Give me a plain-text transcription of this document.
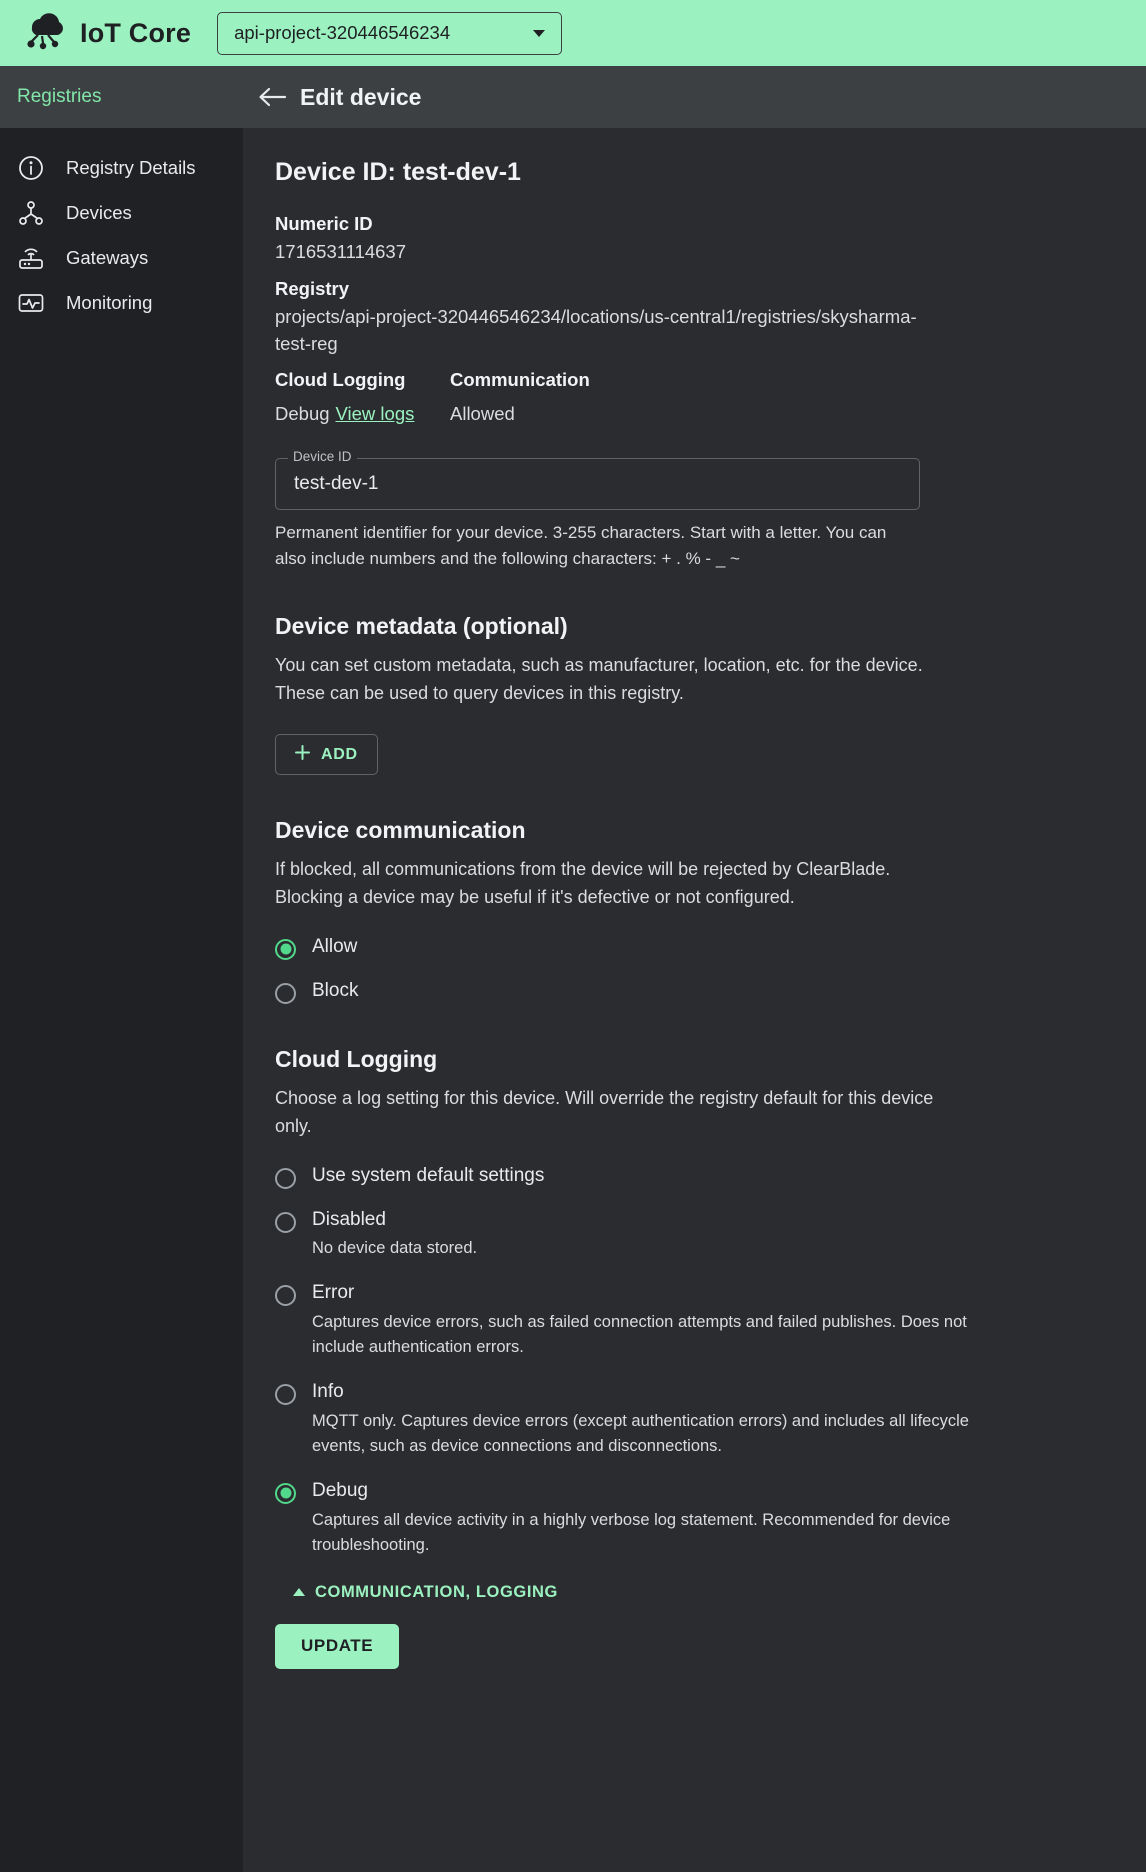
IoT Core api-project-320446546234
Registries	Edit device
Registry Details
Devices
Gateways
Monitoring
Device ID: test-dev-1
Numeric ID
1716531114637
Registry
projects/api-project-320446546234/locations/us-central1/registries/skysharma-test-reg
Cloud Logging	Communication
Debug View logs Allowed
Device ID
test-dev-1

Permanent identifier for your device. 3-255 characters. Start with a letter. You can also include numbers and the following characters: + . % - _ ~

Device metadata (optional)

You can set custom metadata, such as manufacturer, location, etc. for the device. These can be used to query devices in this registry.

ADD
Device communication

If blocked, all communications from the device will be rejected by ClearBlade. Blocking a device may be useful if it's defective or not configured.

Allow
Block
Cloud Logging

Choose a log setting for this device. Will override the registry default for this device only.

Use system default settings
Disabled
No device data stored.
Error
Captures device errors, such as failed connection attempts and failed publishes. Does not include authentication errors.
Info
MQTT only. Captures device errors (except authentication errors) and includes all lifecycle events, such as device connections and disconnections.
Debug
Captures all device activity in a highly verbose log statement. Recommended for device troubleshooting.
COMMUNICATION, LOGGING
UPDATE
